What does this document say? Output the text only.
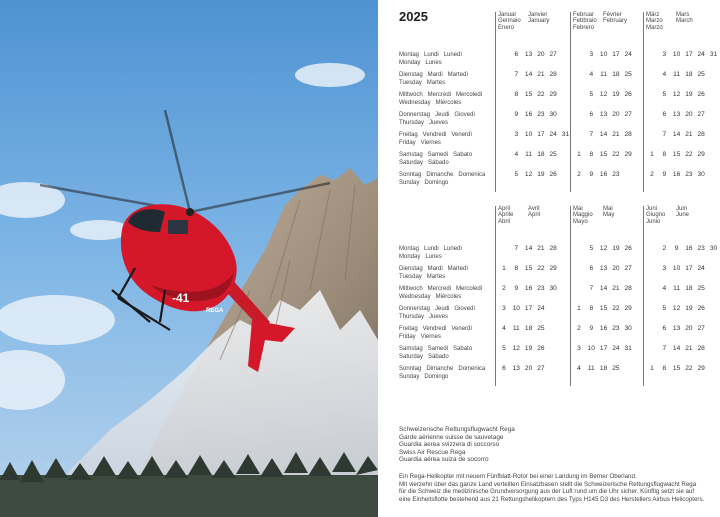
-41
REGA
2025	Januar
Gennaio
Enero
Janvier
January
6
7
8
9
3
4
5
13
14
15
16
10
11
12
20
21
22
23
17
18
19
27
28
29
30
24
25
26
31
Februar
Febbraio
Febrero
Février
February
1
2
3
4
5
6
7
8
9
10
11
12
13
14
15
16
17
18
19
20
21
22
23
24
25
26
27
28
29
März
Marzo
Marzo
Mars
March
1
2
3
4
5
6
7
8
9
10
11
12
13
14
15
16
17
18
19
20
21
22
23
24
25
26
27
28
29
30
31
Montag   Lundi   Lunedì
Monday   Lunes
Dienstag   Mardi   Martedì
Tuesday   Martes
Mittwoch   Mercredi   Mercoledì
Wednesday   Miércoles
Donnerstag   Jeudi   Giovedì
Thursday   Jueves
Freitag   Vendredi   Venerdì
Friday   Viernes
Samstag   Samedi   Sabato
Saturday   Sábado
Sonntag   Dimanche   Domenica
Sunday   Domingo
April
Aprile
Abril
Avril
April
1
2
3
4
5
6
7
8
9
10
11
12
13
14
15
16
17
18
19
20
21
22
23
24
25
26
27
28
29
30
Mai
Maggio
Mayo
Mai
May
1
2
3
4
5
6
7
8
9
10
11
12
13
14
15
16
17
18
19
20
21
22
23
24
25
26
27
28
29
30
31
Juni
Giugno
Junio
Juin
June
1
2
3
4
5
6
7
8
9
10
11
12
13
14
15
16
17
18
19
20
21
22
23
24
25
26
27
28
29
30
Montag   Lundi   Lunedì
Monday   Lunes
Dienstag   Mardi   Martedì
Tuesday   Martes
Mittwoch   Mercredi   Mercoledì
Wednesday   Miércoles
Donnerstag   Jeudi   Giovedì
Thursday   Jueves
Freitag   Vendredi   Venerdì
Friday   Viernes
Samstag   Samedi   Sabato
Saturday   Sábado
Sonntag   Dimanche   Domenica
Sunday   Domingo
Schweizerische Rettungsflugwacht Rega
Garde aérienne suisse de sauvetage
Guardia aerea svizzera di soccorso
Swiss Air Rescue Rega
Guardia aérea suiza de socorro
Ein Rega-Helikopter mit neuem Fünfblatt-Rotor bei einer Landung im Berner Oberland.
Mit vierzehn über das ganze Land verteilten Einsatzbasen stellt die Schweizerische Rettungsflugwacht Rega
für die Schweiz die medizinische Grundversorgung aus der Luft rund um die Uhr sicher. Künftig setzt sie auf
eine Einheitsflotte bestehend aus 21 Rettungshelikoptern des Typs H145 D3 des Herstellers Airbus Helicopters.
